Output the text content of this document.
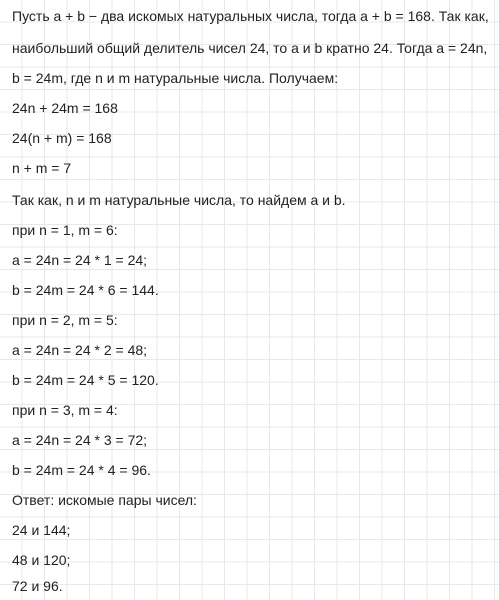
Пусть a + b − два искомых натуральных числа, тогда a + b = 168. Так как,
наибольший общий делитель чисел 24, то a и b кратно 24. Тогда a = 24n,
b = 24m, где n и m натуральные числа. Получаем:
24n + 24m = 168
24(n + m) = 168
n + m = 7
Так как, n и m натуральные числа, то найдем a и b.
при n = 1, m = 6:
a = 24n = 24 * 1 = 24;
b = 24m = 24 * 6 = 144.
при n = 2, m = 5:
a = 24n = 24 * 2 = 48;
b = 24m = 24 * 5 = 120.
при n = 3, m = 4:
a = 24n = 24 * 3 = 72;
b = 24m = 24 * 4 = 96.
Ответ: искомые пары чисел:
24 и 144;
48 и 120;
72 и 96.
